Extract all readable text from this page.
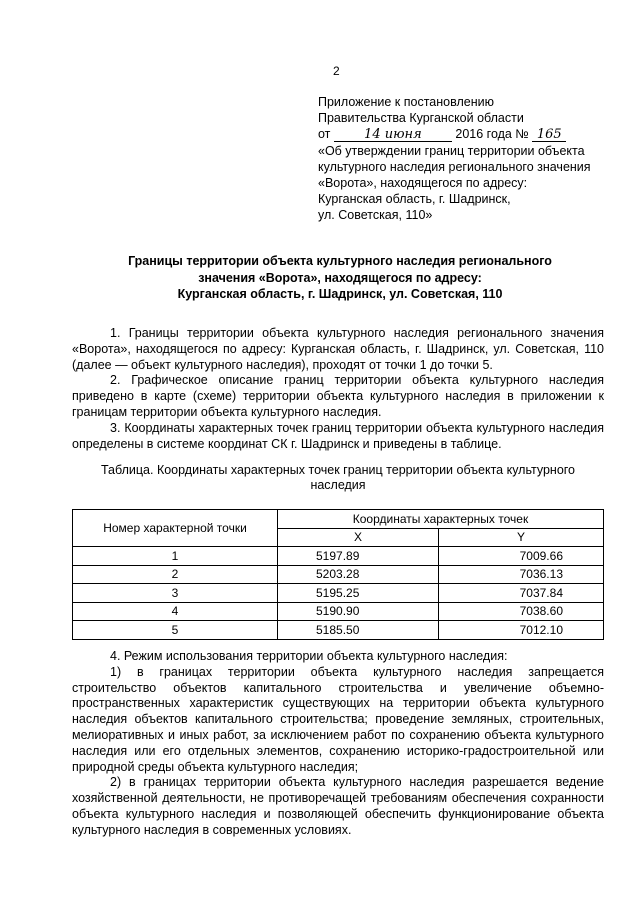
2
Приложение к постановлению
Правительства Курганской области
от	14 июня	2016 года № 165
«Об утверждении границ территории объекта
культурного наследия регионального значения
«Ворота», находящегося по адресу:
Курганская область, г. Шадринск,
ул. Советская, 110»
Границы территории объекта культурного наследия регионального
значения «Ворота», находящегося по адресу:
Курганская область, г. Шадринск, ул. Советская, 110

1. Границы территории объекта культурного наследия регионального значения «Ворота», находящегося по адресу: Курганская область, г. Шадринск, ул. Советская, 110 (далее — объект культурного наследия), проходят от точки 1 до точки 5.

2. Графическое описание границ территории объекта культурного наследия приведено в карте (схеме) территории объекта культурного наследия в приложении к границам территории объекта культурного наследия.

3. Координаты характерных точек границ территории объекта культурного наследия определены в системе координат СК г. Шадринск и приведены в таблице.

Таблица. Координаты характерных точек границ территории объекта культурного наследия
Номер характерной точки	Координаты характерных точек	
	X	Y
1	5197.89	7009.66
2	5203.28	7036.13
3	5195.25	7037.84
4	5190.90	7038.60
5	5185.50	7012.10

4. Режим использования территории объекта культурного наследия:

1) в границах территории объекта культурного наследия запрещается строительство объектов капитального строительства и увеличение объемно-пространственных характеристик существующих на территории объекта культурного наследия объектов капитального строительства; проведение земляных, строительных, мелиоративных и иных работ, за исключением работ по сохранению объекта культурного наследия или его отдельных элементов, сохранению историко-градостроительной или природной среды объекта культурного наследия;

2) в границах территории объекта культурного наследия разрешается ведение хозяйственной деятельности, не противоречащей требованиям обеспечения сохранности объекта культурного наследия и позволяющей обеспечить функционирование объекта культурного наследия в современных условиях.
